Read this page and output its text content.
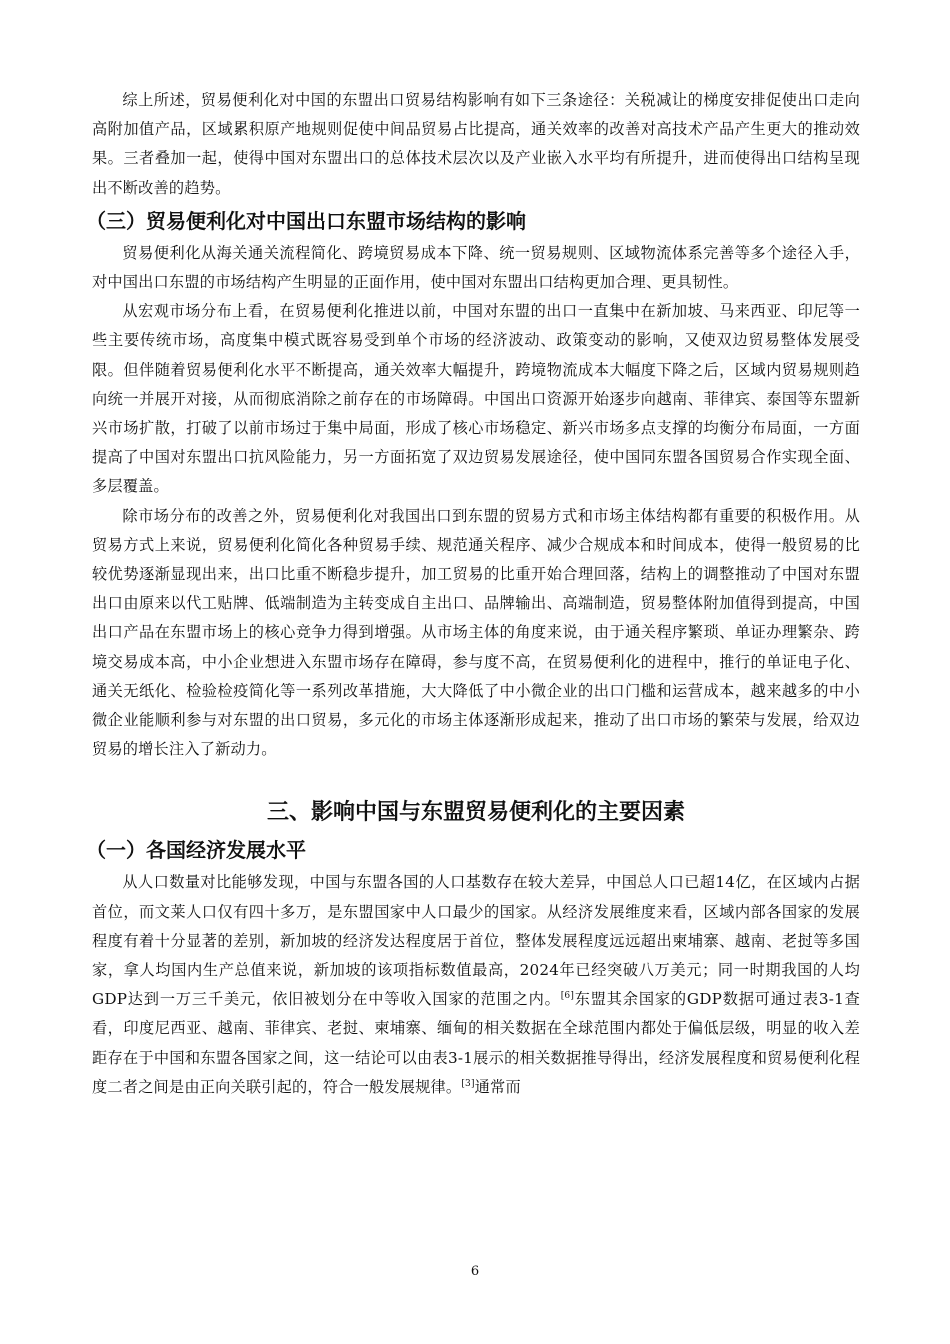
综上所述，贸易便利化对中国的东盟出口贸易结构影响有如下三条途径：关税减让的梯度安排促使出口走向高附加值产品，区域累积原产地规则促使中间品贸易占比提高，通关效率的改善对高技术产品产生更大的推动效果。三者叠加一起，使得中国对东盟出口的总体技术层次以及产业嵌入水平均有所提升，进而使得出口结构呈现出不断改善的趋势。

（三）贸易便利化对中国出口东盟市场结构的影响

贸易便利化从海关通关流程简化、跨境贸易成本下降、统一贸易规则、区域物流体系完善等多个途径入手，对中国出口东盟的市场结构产生明显的正面作用，使中国对东盟出口结构更加合理、更具韧性。

从宏观市场分布上看，在贸易便利化推进以前，中国对东盟的出口一直集中在新加坡、马来西亚、印尼等一些主要传统市场，高度集中模式既容易受到单个市场的经济波动、政策变动的影响，又使双边贸易整体发展受限。但伴随着贸易便利化水平不断提高，通关效率大幅提升，跨境物流成本大幅度下降之后，区域内贸易规则趋向统一并展开对接，从而彻底消除之前存在的市场障碍。中国出口资源开始逐步向越南、菲律宾、泰国等东盟新兴市场扩散，打破了以前市场过于集中局面，形成了核心市场稳定、新兴市场多点支撑的均衡分布局面，一方面提高了中国对东盟出口抗风险能力，另一方面拓宽了双边贸易发展途径，使中国同东盟各国贸易合作实现全面、多层覆盖。

除市场分布的改善之外，贸易便利化对我国出口到东盟的贸易方式和市场主体结构都有重要的积极作用。从贸易方式上来说，贸易便利化简化各种贸易手续、规范通关程序、减少合规成本和时间成本，使得一般贸易的比较优势逐渐显现出来，出口比重不断稳步提升，加工贸易的比重开始合理回落，结构上的调整推动了中国对东盟出口由原来以代工贴牌、低端制造为主转变成自主出口、品牌输出、高端制造，贸易整体附加值得到提高，中国出口产品在东盟市场上的核心竞争力得到增强。从市场主体的角度来说，由于通关程序繁琐、单证办理繁杂、跨境交易成本高，中小企业想进入东盟市场存在障碍，参与度不高，在贸易便利化的进程中，推行的单证电子化、通关无纸化、检验检疫简化等一系列改革措施，大大降低了中小微企业的出口门槛和运营成本，越来越多的中小微企业能顺利参与对东盟的出口贸易，多元化的市场主体逐渐形成起来，推动了出口市场的繁荣与发展，给双边贸易的增长注入了新动力。

三、影响中国与东盟贸易便利化的主要因素
（一）各国经济发展水平

从人口数量对比能够发现，中国与东盟各国的人口基数存在较大差异，中国总人口已超14亿，在区域内占据首位，而文莱人口仅有四十多万，是东盟国家中人口最少的国家。从经济发展维度来看，区域内部各国家的发展程度有着十分显著的差别，新加坡的经济发达程度居于首位，整体发展程度远远超出柬埔寨、越南、老挝等多国家，拿人均国内生产总值来说，新加坡的该项指标数值最高，2024年已经突破八万美元；同一时期我国的人均GDP达到一万三千美元，依旧被划分在中等收入国家的范围之内。[6]东盟其余国家的GDP数据可通过表3-1查看，印度尼西亚、越南、菲律宾、老挝、柬埔寨、缅甸的相关数据在全球范围内都处于偏低层级，明显的收入差距存在于中国和东盟各国家之间，这一结论可以由表3-1展示的相关数据推导得出，经济发展程度和贸易便利化程度二者之间是由正向关联引起的，符合一般发展规律。[3]通常而

6
